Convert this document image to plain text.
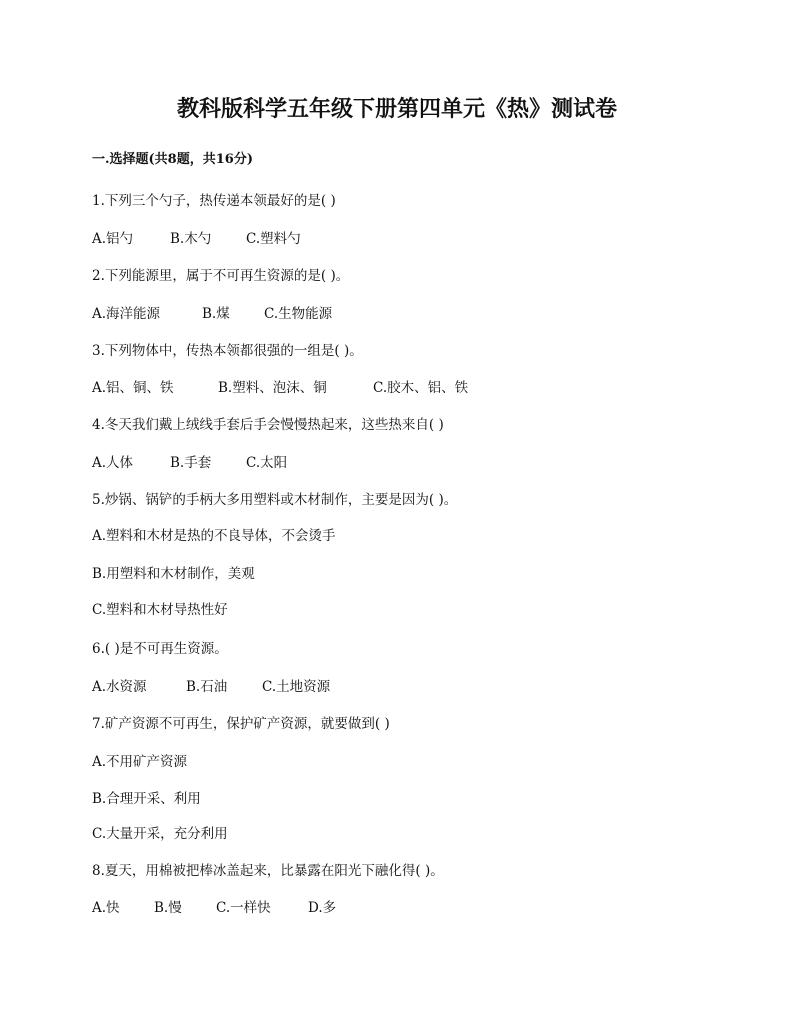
教科版科学五年级下册第四单元《热》测试卷
一.选择题(共8题，共16分)
1.下列三个勺子，热传递本领最好的是( )
A.铝勺	B.木勺	C.塑料勺
2.下列能源里，属于不可再生资源的是( )。
A.海洋能源	B.煤	C.生物能源
3.下列物体中，传热本领都很强的一组是( )。
A.铝、铜、铁	B.塑料、泡沫、铜	C.胶木、铝、铁
4.冬天我们戴上绒线手套后手会慢慢热起来，这些热来自( )
A.人体	B.手套	C.太阳
5.炒锅、锅铲的手柄大多用塑料或木材制作，主要是因为( )。
A.塑料和木材是热的不良导体，不会烫手
B.用塑料和木材制作，美观
C.塑料和木材导热性好
6.( )是不可再生资源。
A.水资源	B.石油	C.土地资源
7.矿产资源不可再生，保护矿产资源，就要做到( )
A.不用矿产资源
B.合理开采、利用
C.大量开采，充分利用
8.夏天，用棉被把棒冰盖起来，比暴露在阳光下融化得( )。
A.快	B.慢	C.一样快	D.多
